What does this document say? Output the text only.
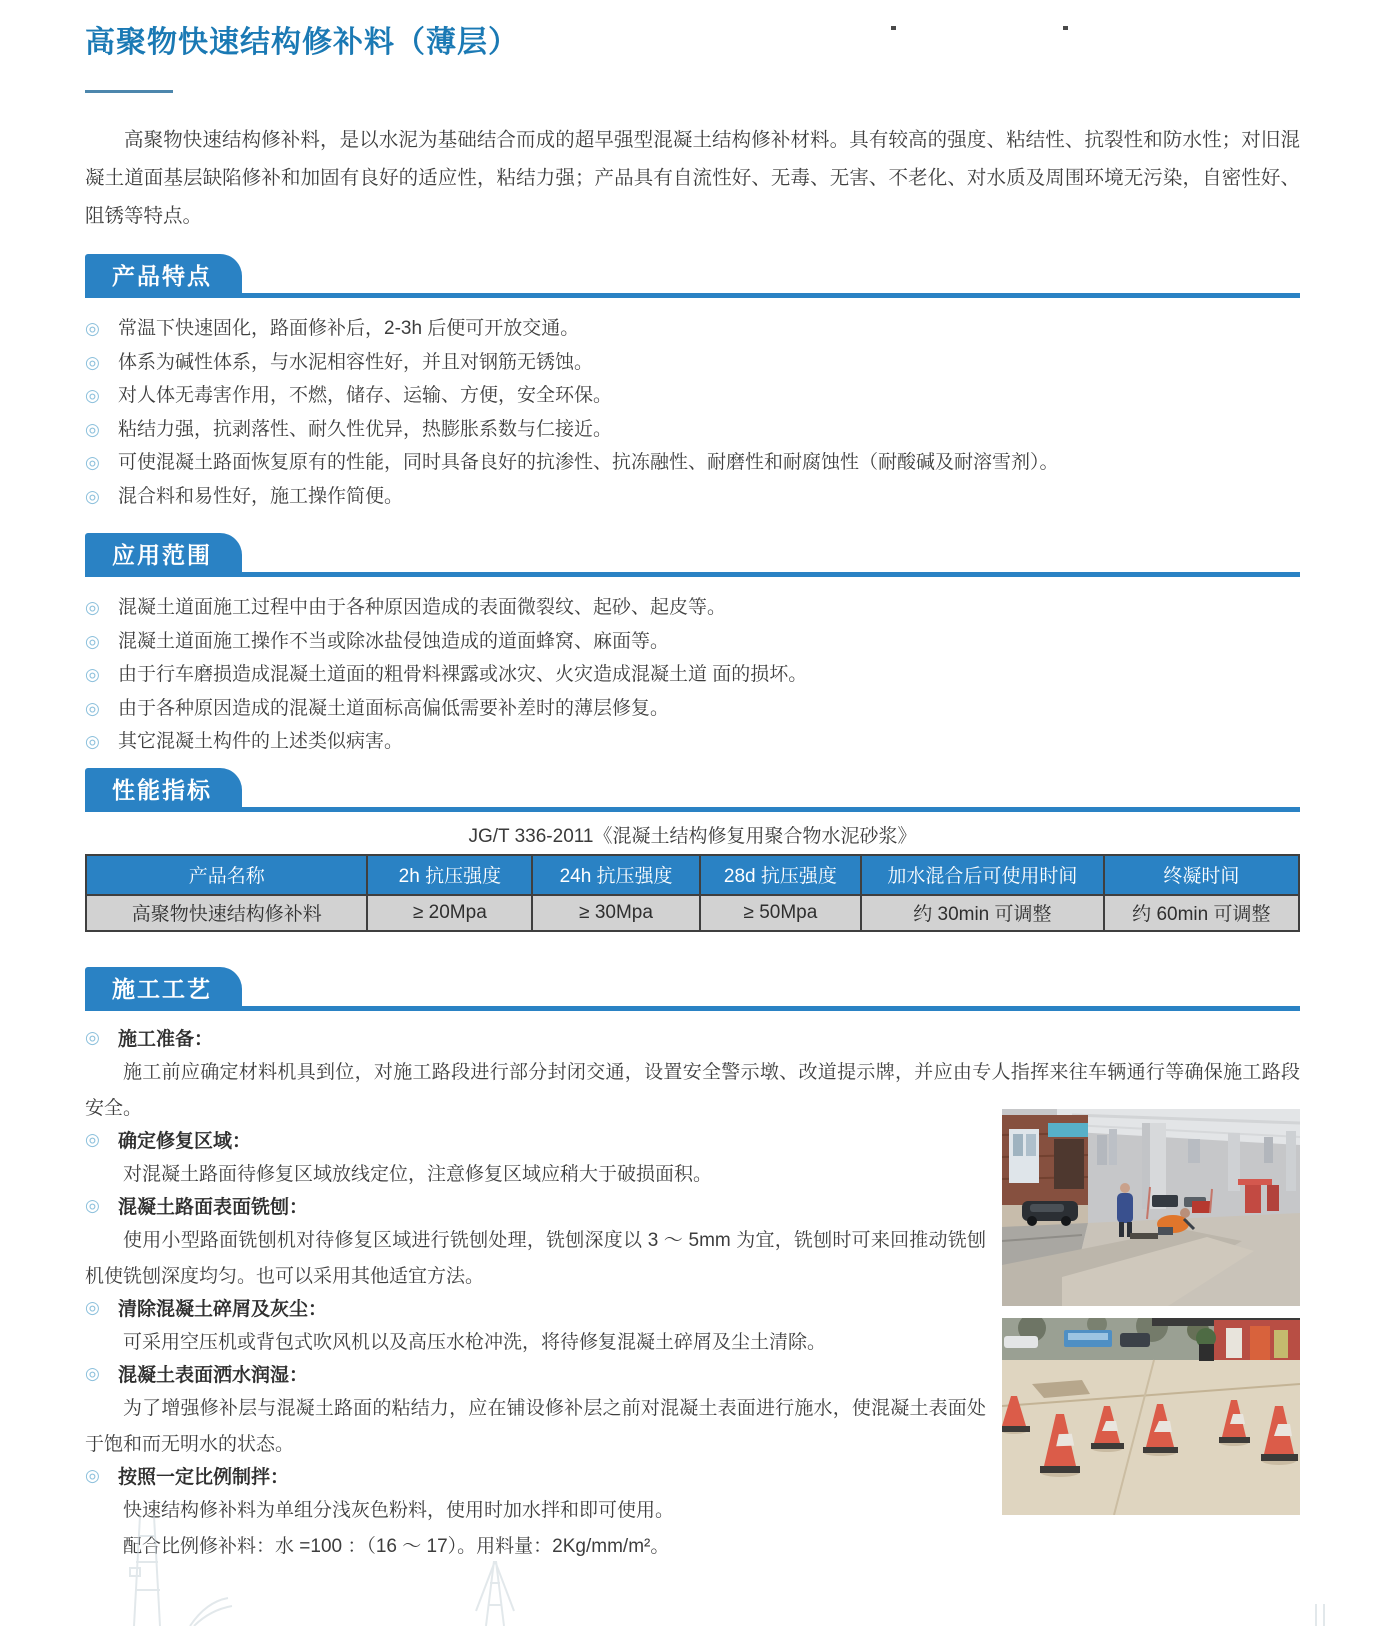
高聚物快速结构修补料（薄层）

高聚物快速结构修补料，是以水泥为基础结合而成的超早强型混凝土结构修补材料。具有较高的强度、粘结性、抗裂性和防水性；对旧混凝土道面基层缺陷修补和加固有良好的适应性，粘结力强；产品具有自流性好、无毒、无害、不老化、对水质及周围环境无污染，自密性好、阻锈等特点。

产品特点
◎ 常温下快速固化，路面修补后，2-3h 后便可开放交通。
◎ 体系为碱性体系，与水泥相容性好，并且对钢筋无锈蚀。
◎ 对人体无毒害作用，不燃，储存、运输、方便，安全环保。
◎ 粘结力强，抗剥落性、耐久性优异，热膨胀系数与仁接近。
◎ 可使混凝土路面恢复原有的性能，同时具备良好的抗渗性、抗冻融性、耐磨性和耐腐蚀性（耐酸碱及耐溶雪剂）。
◎ 混合料和易性好，施工操作简便。
应用范围
◎ 混凝土道面施工过程中由于各种原因造成的表面微裂纹、起砂、起皮等。
◎ 混凝土道面施工操作不当或除冰盐侵蚀造成的道面蜂窝、麻面等。
◎ 由于行车磨损造成混凝土道面的粗骨料裸露或冰灾、火灾造成混凝土道 面的损坏。
◎ 由于各种原因造成的混凝土道面标高偏低需要补差时的薄层修复。
◎ 其它混凝土构件的上述类似病害。
性能指标

JG/T 336-2011《混凝土结构修复用聚合物水泥砂浆》

产品名称	2h 抗压强度	24h 抗压强度	28d 抗压强度	加水混合后可使用时间	终凝时间
高聚物快速结构修补料	≥ 20Mpa	≥ 30Mpa	≥ 50Mpa	约 30min 可调整	约 60min 可调整
施工工艺
◎ 施工准备：

施工前应确定材料机具到位，对施工路段进行部分封闭交通，设置安全警示墩、改道提示牌，并应由专人指挥来往车辆通行等确保施工路段安全。

◎ 确定修复区域：

对混凝土路面待修复区域放线定位，注意修复区域应稍大于破损面积。

◎ 混凝土路面表面铣刨：

使用小型路面铣刨机对待修复区域进行铣刨处理，铣刨深度以 3 ～ 5mm 为宜，铣刨时可来回推动铣刨机使铣刨深度均匀。也可以采用其他适宜方法。

◎ 清除混凝土碎屑及灰尘：

可采用空压机或背包式吹风机以及高压水枪冲洗，将待修复混凝土碎屑及尘土清除。

◎ 混凝土表面洒水润湿：

为了增强修补层与混凝土路面的粘结力，应在铺设修补层之前对混凝土表面进行施水，使混凝土表面处于饱和而无明水的状态。

◎ 按照一定比例制拌：

快速结构修补料为单组分浅灰色粉料，使用时加水拌和即可使用。

配合比例修补料：水 =100 ：（16 ～ 17）。用料量：2Kg/mm/m²。
